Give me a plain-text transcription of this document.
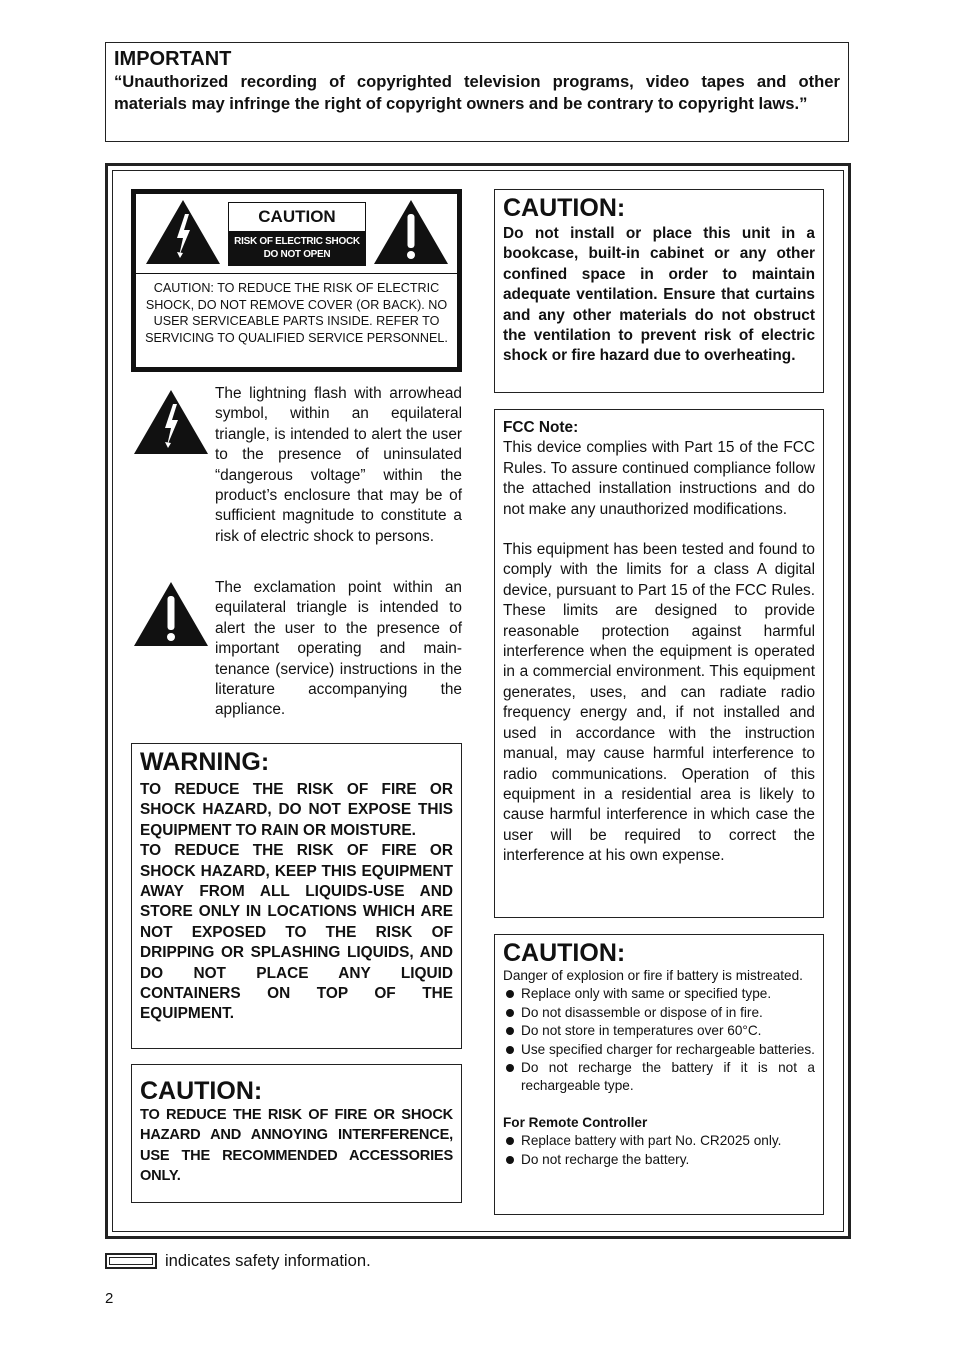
IMPORTANT
“Unauthorized recording of copyrighted television programs, video tapes and other materials may infringe the right of copyright owners and be contrary to copyright laws.”
CAUTION
RISK OF ELECTRIC SHOCK
DO NOT OPEN
CAUTION: TO REDUCE THE RISK OF ELECTRIC SHOCK, DO NOT REMOVE COVER (OR BACK). NO USER SERVICEABLE PARTS INSIDE. REFER TO SERVICING TO QUALIFIED SERVICE PERSONNEL.
The lightning flash with arrowhead symbol, within an equilateral triangle, is intended to alert the user to the presence of uninsulated “dangerous voltage” within the product’s enclosure that may be of sufficient magnitude to constitute a risk of electric shock to persons.
The exclamation point within an equilateral triangle is intended to alert the user to the presence of important operating and main-tenance (service) instructions in the literature accompanying the appliance.
WARNING:
TO REDUCE THE RISK OF FIRE OR SHOCK HAZARD, DO NOT EXPOSE THIS EQUIPMENT TO RAIN OR MOISTURE.
TO REDUCE THE RISK OF FIRE OR SHOCK HAZARD, KEEP THIS EQUIPMENT AWAY FROM ALL LIQUIDS-USE AND STORE ONLY IN LOCATIONS WHICH ARE NOT EXPOSED TO THE RISK OF DRIPPING OR SPLASHING LIQUIDS, AND DO NOT PLACE ANY LIQUID CONTAINERS ON TOP OF THE EQUIPMENT.
CAUTION:
TO REDUCE THE RISK OF FIRE OR SHOCK HAZARD AND ANNOYING INTERFERENCE, USE THE RECOMMENDED ACCESSORIES ONLY.
CAUTION:
Do not install or place this unit in a bookcase, built-in cabinet or any other confined space in order to maintain adequate ventilation. Ensure that curtains and any other materials do not obstruct the ventilation to prevent risk of electric shock or fire hazard due to overheating.
FCC Note:
This device complies with Part 15 of the FCC Rules. To assure continued compliance follow the attached installation instructions and do not make any unauthorized modifications.
This equipment has been tested and found to comply with the limits for a class A digital device, pursuant to Part 15 of the FCC Rules. These limits are designed to provide reasonable protection against harmful interference when the equipment is operated in a commercial environment. This equipment generates, uses, and can radiate radio frequency energy and, if not installed and used in accordance with the instruction manual, may cause harmful interference to radio communications. Operation of this equipment in a residential area is likely to cause harmful interference in which case the user will be required to correct the interference at his own expense.
CAUTION:
Danger of explosion or fire if battery is mistreated.
Replace only with same or specified type.
Do not disassemble or dispose of in fire.
Do not store in temperatures over 60°C.
Use specified charger for rechargeable batteries.
Do not recharge the battery if it is not a rechargeable type.
For Remote Controller
Replace battery with part No. CR2025 only.
Do not recharge the battery.
indicates safety information.
2
